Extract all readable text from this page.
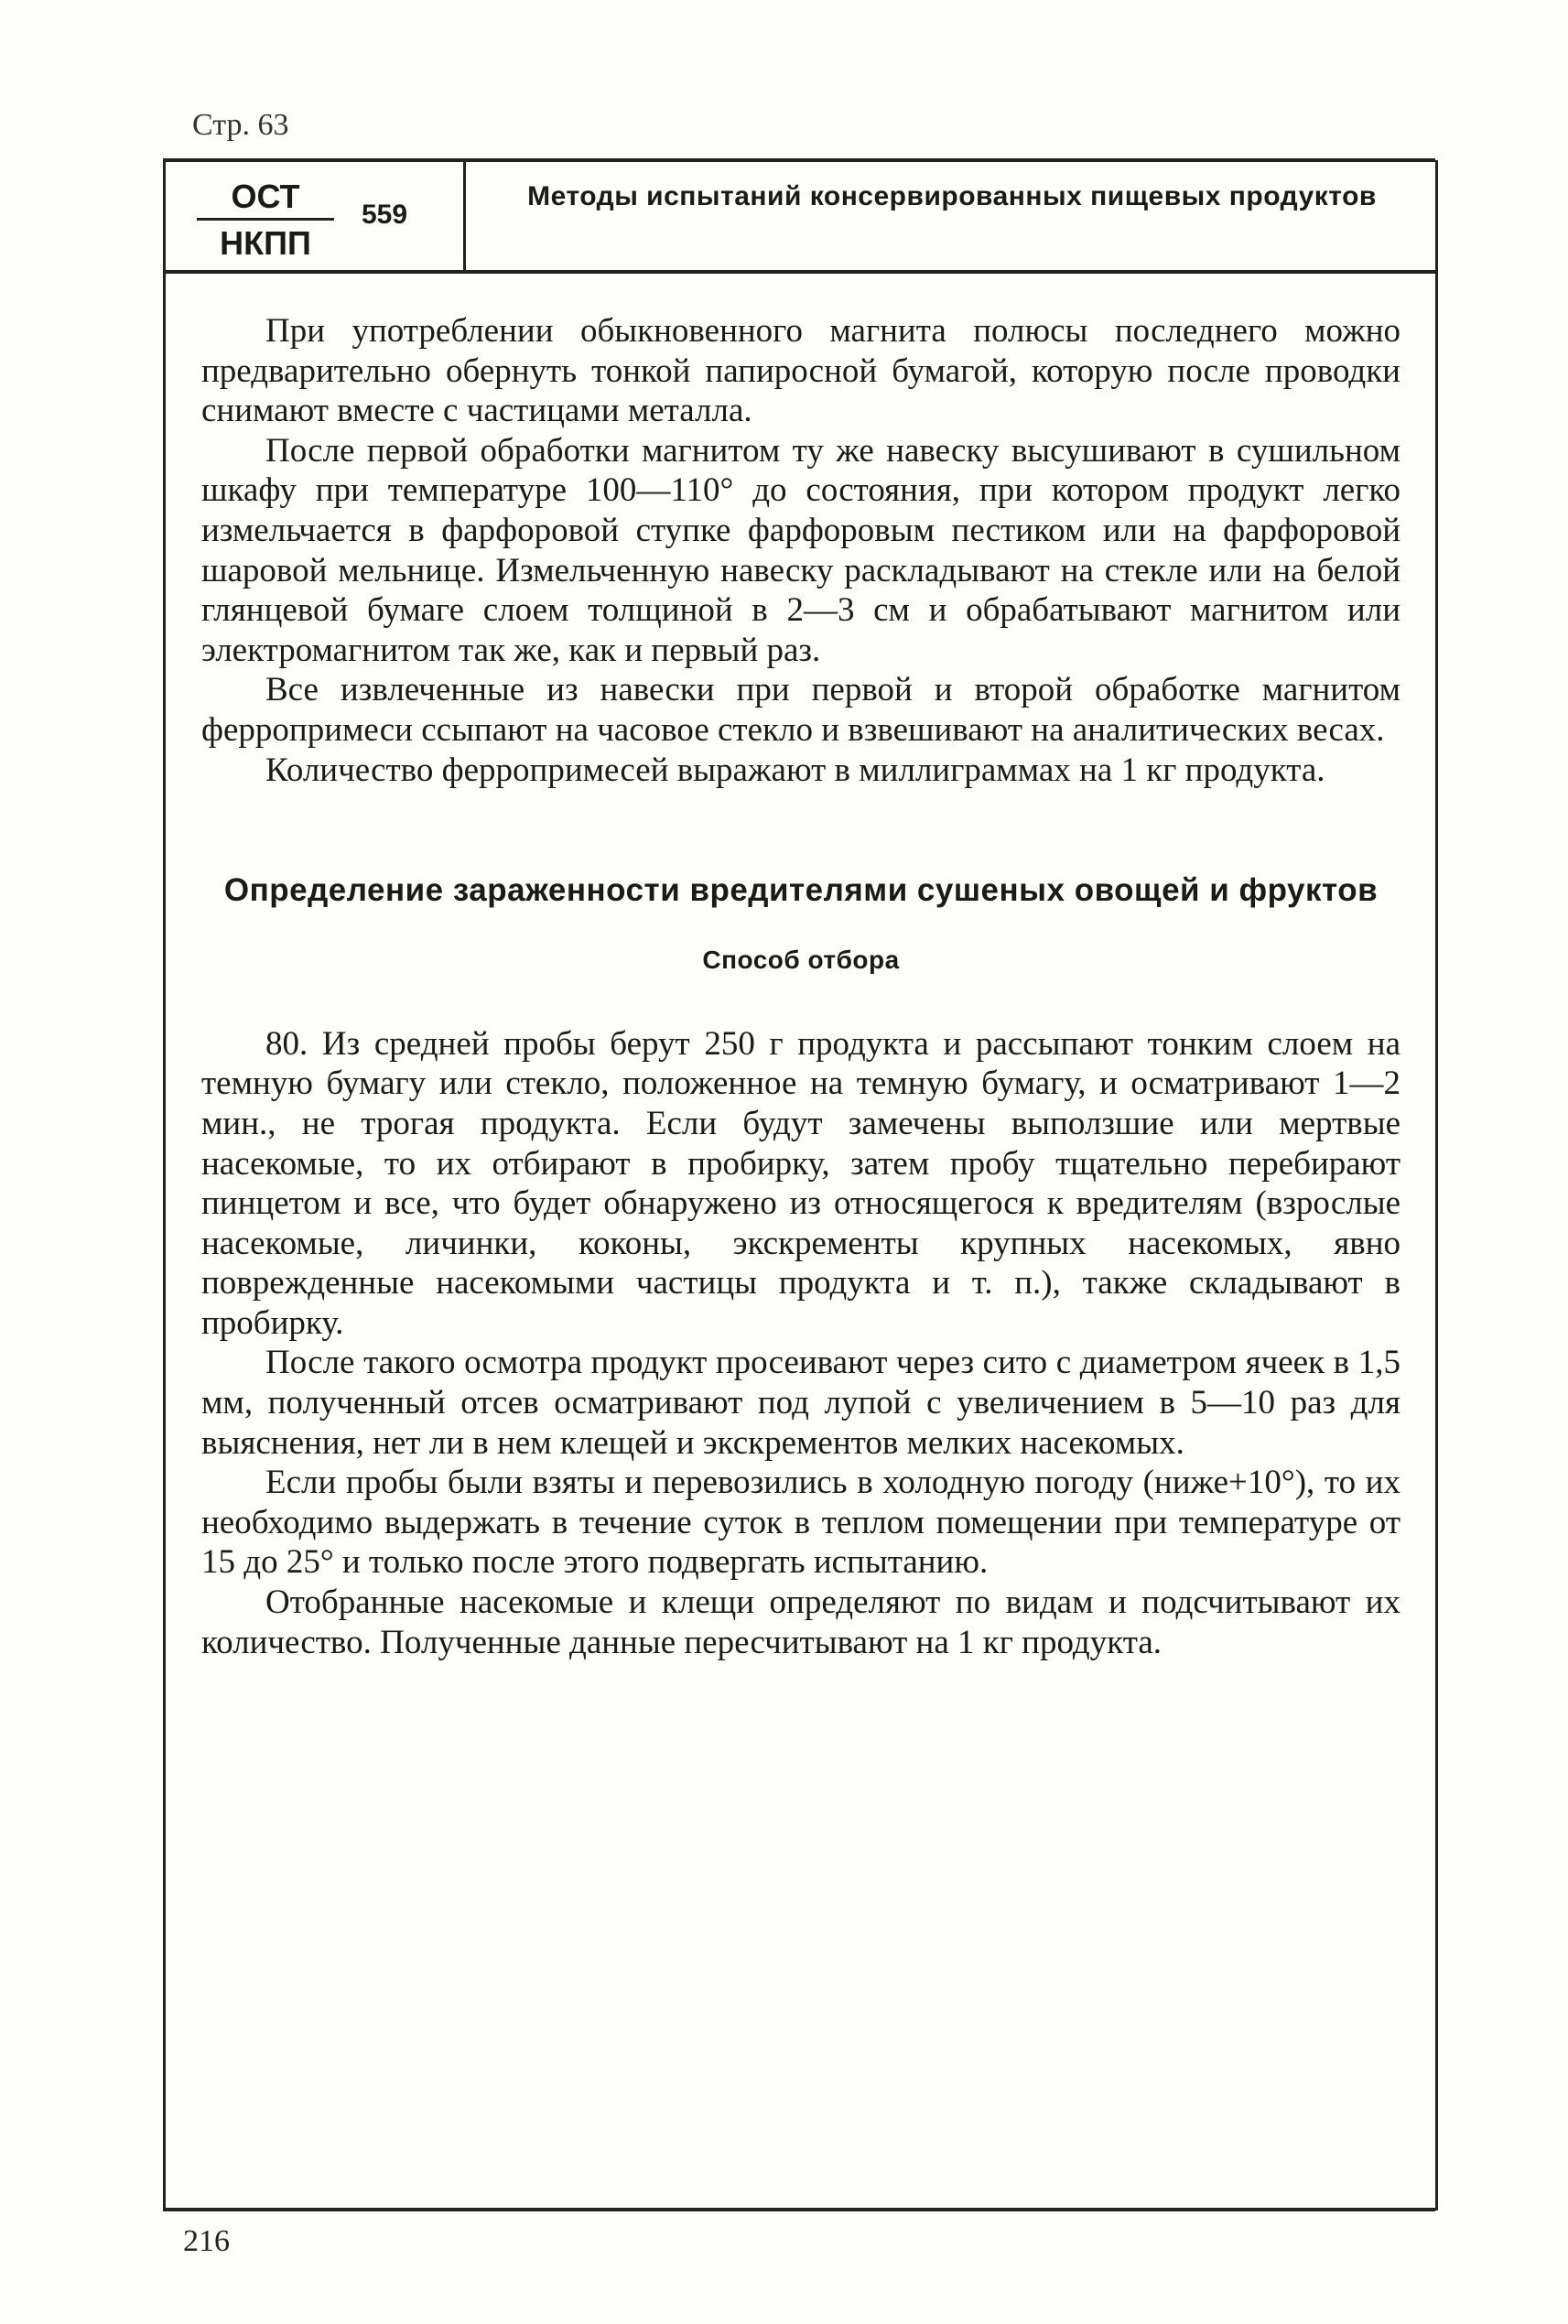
Стр. 63
ОСТ
НКПП
559
Методы испытаний консервированных пищевых продуктов

При употреблении обыкновенного магнита полюсы последнего можно предварительно обернуть тонкой папиросной бумагой, которую после проводки снимают вместе с частицами металла.

После первой обработки магнитом ту же навеску высушивают в сушильном шкафу при температуре 100—110° до состояния, при котором продукт легко измельчается в фарфоровой ступке фарфоровым пестиком или на фарфоровой шаровой мельнице. Измельченную навеску раскладывают на стекле или на белой глянцевой бумаге слоем толщиной в 2—3 см и обрабатывают магнитом или электромагнитом так же, как и первый раз.

Все извлеченные из навески при первой и второй обработке магнитом ферропримеси ссыпают на часовое стекло и взвешивают на аналитических весах.

Количество ферропримесей выражают в миллиграммах на 1 кг продукта.

Определение зараженности вредителями сушеных овощей и фруктов
Способ отбора

80. Из средней пробы берут 250 г продукта и рассыпают тонким слоем на темную бумагу или стекло, положенное на темную бумагу, и осматривают 1—2 мин., не трогая продукта. Если будут замечены выползшие или мертвые насекомые, то их отбирают в пробирку, затем пробу тщательно перебирают пинцетом и все, что будет обнаружено из относящегося к вредителям (взрослые насекомые, личинки, коконы, экскременты крупных насекомых, явно поврежденные насекомыми частицы продукта и т. п.), также складывают в пробирку.

После такого осмотра продукт просеивают через сито с диаметром ячеек в 1,5 мм, полученный отсев осматривают под лупой с увеличением в 5—10 раз для выяснения, нет ли в нем клещей и экскрементов мелких насекомых.

Если пробы были взяты и перевозились в холодную погоду (ниже+10°), то их необходимо выдержать в течение суток в теплом помещении при температуре от 15 до 25° и только после этого подвергать испытанию.

Отобранные насекомые и клещи определяют по видам и подсчитывают их количество. Полученные данные пересчитывают на 1 кг продукта.

216
